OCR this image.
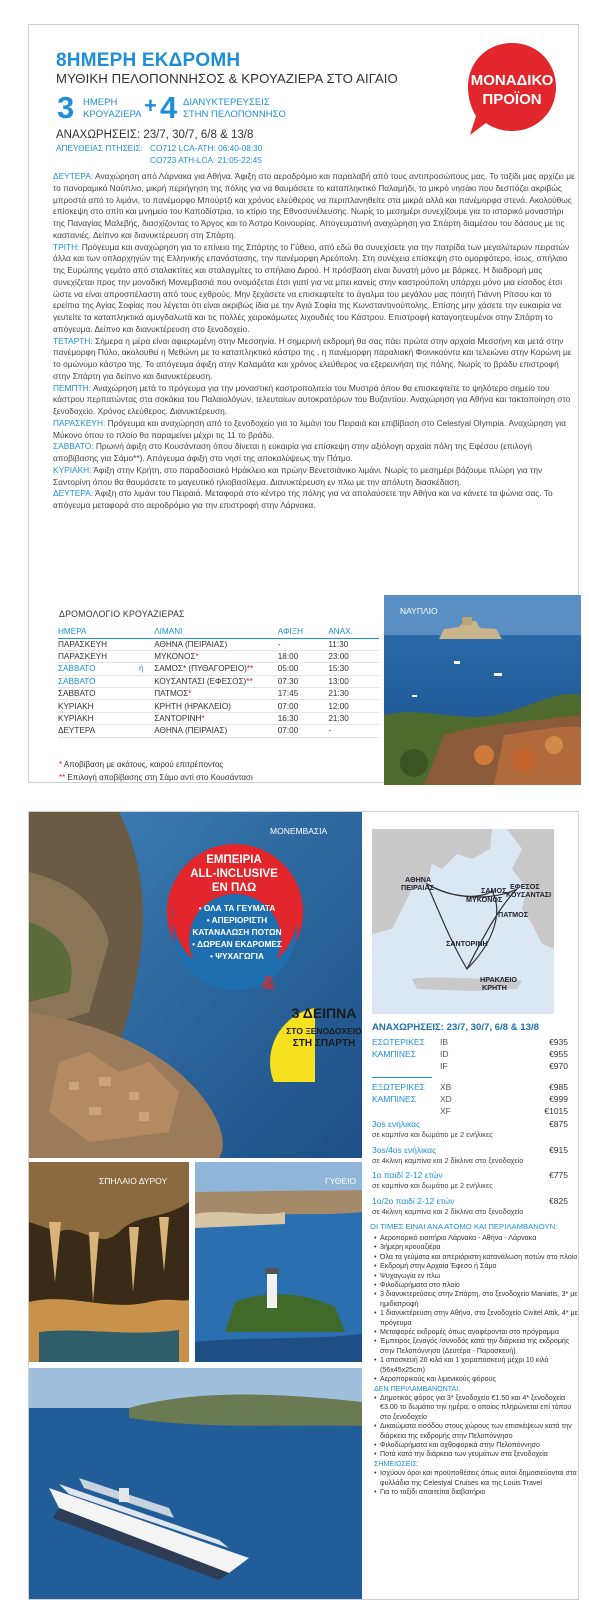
8ΗΜΕΡΗ ΕΚΔΡΟΜΗ
ΜΥΘΙΚΗ ΠΕΛΟΠΟΝΝΗΣΟΣ & ΚΡΟΥΑΖΙΕΡΑ ΣΤΟ ΑΙΓΑΙΟ
3 ΗΜΕΡΗ
ΚΡΟΥΑΖΙΕΡΑ + 4 ΔΙΑΝΥΚΤΕΡΕΥΣΕΙΣ
ΣΤΗΝ ΠΕΛΟΠΟΝΝΗΣΟ
ΑΝΑΧΩΡΗΣΕΙΣ: 23/7, 30/7, 6/8 & 13/8
ΑΠΕΥΘΕΙΑΣ ΠΤΗΣΕΙΣ: CO712 LCA-ATH: 06:40-08:30
CO723 ATH-LCA: 21:05-22:45
ΜΟΝΑΔΙΚΟ
ΠΡΟΪΟΝ

ΔΕΥΤΕΡΑ: Αναχώρηση από Λάρνακα για Αθήνα. Άφιξη στο αεροδρόμιο και παραλαβή από τους αντιπροσώπους μας. Το ταξίδι μας αρχίζει με το πανοραμικό Ναύπλιο, μικρή περιήγηση της πόλης για να θαυμάσετε το καταπληκτικό Παλαμήδι, το μικρό νησάκι που δεσπόζει ακριβώς μπροστά από το λιμάνι, το πανέμορφο Μπούρτζι και χρόνος ελεύθερος να περιπλανηθείτε στα μικρά αλλά και πανέμορφα στενά. Ακολούθως επίσκεψη στο σπίτι και μνημείο του Καποδίστρια, το κτίριο της Εθνοσυνέλευσης. Νωρίς το μεσημέρι συνεχίζουμε για το ιστορικό μοναστήρι της Παναγίας Μαλεβής, διασχίζοντας το Άργος και το Άστρο Κοινουρίας. Απογευματινή αναχώρηση για Σπάρτη διαμέσου του δάσους με τις καστανιές. Δείπνο και διανυκτέρευση στη Σπάρτη.

ΤΡΙΤΗ: Πρόγευμα και αναχώρηση για το επίνειο της Σπάρτης το Γύθειο, από εδώ θα συνεχίσετε για την πατρίδα των μεγαλύτερων πειρατών άλλα και των οπλαρχηγών της Ελληνικής επανάστασης, την πανέμορφη Αρεόπολη. Στη συνέχεια επίσκεψη στο ομορφότερο, ίσως, σπήλαιο της Ευρώπης γεμάτο από σταλακτίτες και σταλαγμίτες το σπήλαιο Διρού. Η πρόσβαση είναι δυνατή μόνο με βάρκες. Η διαδρομή μας συνεχίζεται προς την μοναδική Μονεμβασιά που ονομάζεται έτσι γιατί για να μπει κανείς στην καστρούπολη υπάρχει μόνο μια είσοδος έτσι ώστε να είναι απροσπέλαστη από τους εχθρούς. Μην ξεχάσετε να επισκεφτείτε το άγαλμα του μεγάλου μας ποιητή Γιάννη Ρίτσου και το ερείπια της Αγίας Σοφίας που λέγεται ότι είναι ακριβώς ίδια με την Αγιά Σοφία της Κωνσταντινούπολης. Επίσης μην χάσετε την ευκαιρία να γευτείτε τα καταπληκτικά αμυγδαλωτά και τις πολλές χειροκάμωτες λιχουδιές του Κάστρου. Επιστροφή καταγοητευμένοι στην Σπάρτη το απόγευμα. Δείπνο και διανυκτέρευση στο ξενοδοχείο.

ΤΕΤΑΡΤΗ: Σήμερα η μέρα είναι αφιερωμένη στην Μεσσηνία. Η σημερινή εκδρομή θα σας πάει πρώτα στην αρχαία Μεσσήνη και μετά στην πανέμορφη Πύλο, ακολουθεί η Μεθώνη με το καταπληκτικό κάστρο της , η πανέμορφη παραλιακή Φοινικούντα και τελειώνει στην Κορώνη με το ομώνυμο κάστρο της. Το απόγευμα άφιξη στην Καλαμάτα και χρόνος ελεύθερος να εξερευνήση της πόλης. Νωρίς το βράδυ επιστροφή στην Σπάρτη για δείπνο και διανυκτέρευση.

ΠΕΜΠΤΗ: Αναχώρηση μετά το πρόγευμα για την μοναστική καστροπολιτεία του Μυστρά όπου θα επισκεφτείτε το ψηλότερο σημείο του κάστρου περπατώντας στα σοκάκια του Παλαιολόγων, τελευταίων αυτοκρατόρων του Βυζαντίου. Αναχώρηση για Αθήνα και τακτοποίηση στο ξενοδοχείο. Χρόνος ελεύθερος. Διανυκτέρευση.

ΠΑΡΑΣΚΕΥΗ: Πρόγευμα και αναχώρηση από το ξενοδοχείο για το λιμάνι του Πειραιά και επιβίβαση στο Celestyal Olympia. Αναχώρηση για Μύκονο όπου το πλοίο θα παραμείνει μέχρι τις 11 το βράδυ.

ΣΑΒΒΑΤΟ: Πρωινή άφιξη στο Κουσάνταση όπου δίνεται η ευκαιρία για επίσκεψη στην αξιόλογη αρχαία πόλη της Εφέσου (επιλογή αποβίβασης για Σάμο**). Απόγευμα άφιξη στο νησί της αποκαλύψεως την Πάτμο.

ΚΥΡΙΑΚΗ: Άφιξη στην Κρήτη, στο παραδοσιακό Ηράκλειο και πρώην Βενετσιάνικο λιμάνι. Νωρίς το μεσημέρι βάζουμε πλώρη για την Σαντορίνη όπου θα θαυμάσετε το μαγευτικό ηλιοβασίλεμα. Διανυκτέρευση εν πλω με την απόλυτη διασκέδαση.

ΔΕΥΤΕΡΑ: Άφιξη στο λιμάνι του Πειραιά. Μεταφορά στο κέντρο της πόλης για να απολαύσετε την Αθήνα και να κάνετε τα ψώνια σας. Το απόγευμα μεταφορά στο αεροδρόμιο για την επιστροφή στην Λάρνακα.

ΔΡΟΜΟΛΟΓΙΟ ΚΡΟΥΑΖΙΕΡΑΣ
ΗΜΕΡΑ		ΛΙΜΑΝΙ	ΑΦΙΞΗ	ΑΝΑΧ.
ΠΑΡΑΣΚΕΥΗ		ΑΘΗΝΑ (ΠΕΙΡΑΙΑΣ)	-	11:30
ΠΑΡΑΣΚΕΥΗ		ΜΥΚΟΝΟΣ*	18:00	23:00
ΣΑΒΒΑΤΟ	ή	ΣΑΜΟΣ* (ΠΥΘΑΓΟΡΕΙΟ)**	05:00	15:30
ΣΑΒΒΑΤΟ		ΚΟΥΣΑΝΤΑΣΙ (ΕΦΕΣΟΣ)**	07:30	13:00
ΣΑΒΒΑΤΟ		ΠΑΤΜΟΣ*	17:45	21:30
ΚΥΡΙΑΚΗ		ΚΡΗΤΗ (ΗΡΑΚΛΕΙΟ)	07:00	12:00
ΚΥΡΙΑΚΗ		ΣΑΝΤΟΡΙΝΗ*	16:30	21:30
ΔΕΥΤΕΡΑ		ΑΘΗΝΑ (ΠΕΙΡΑΙΑΣ)	07:00	-
* Αποβίβαση με ακάτους, καιρού επιτρέποντος
** Επιλογή αποβίβασης στη Σάμο αντί στο Κουσάντασι
ΝΑΥΠΛΙΟ
ΜΟΝΕΜΒΑΣΙΑ
ΕΜΠΕΙΡΙΑ
ALL-INCLUSIVE
ΕΝ ΠΛΩ
• ΟΛΑ ΤΑ ΓΕΥΜΑΤΑ
• ΑΠΕΡΙΟΡΙΣΤΗ
ΚΑΤΑΝΑΛΩΣΗ ΠΟΤΩΝ
• ΔΩΡΕΑΝ ΕΚΔΡΟΜΕΣ
• ΨΥΧΑΓΩΓΙΑ
&
3 ΔΕΙΠΝΑ
ΣΤΟ ΞΕΝΟΔΟΧΕΙΟ
ΣΤΗ ΣΠΑΡΤΗ
ΣΠΗΛΑΙΟ ΔΥΡΟΥ	ΓΥΘΕΙΟ
ΑΘΗΝΑ
ΠΕΙΡΑΙΑΣ	ΣΑΜΟΣ ΕΦΕΣΟΣ
ΚΟΥΣΑΝΤΑΣΙ
ΜΥΚΟΝΟΣ
ΠΑΤΜΟΣ
ΣΑΝΤΟΡΙΝΗ
ΗΡΑΚΛΕΙΟ
ΚΡΗΤΗ
ΑΝΑΧΩΡΗΣΕΙΣ: 23/7, 30/7, 6/8 & 13/8
ΕΣΩΤΕΡΙΚΕΣ IB	€935
ΚΑΜΠΙΝΕΣ	ID	€955
IF	€970
ΕΞΩΤΕΡΙΚΕΣ XB	€985
ΚΑΜΠΙΝΕΣ	XD	€999
XF	€1015
3os ενήλικας	€875
σε καμπίνα και δωμάτιο με 2 ενήλικες
3os/4os ενήλικας	€915
σε 4κλινη καμπίνα και 2 δίκλινα στο ξενοδοχείο
1ο παιδί 2-12 ετών	€775
σε καμπίνα και δωμάτιο με 2 ενήλικες
1ο/2ο παιδί 2-12 ετών	€825
σε 4κλινη καμπίνα και 2 δίκλινα στο ξενοδοχείο
ΟΙ ΤΙΜΕΣ ΕΙΝΑΙ ΑΝΑ ΑΤΟΜΟ ΚΑΙ ΠΕΡΙΛΑΜΒΑΝΟΥΝ:
• Αεροπορικό εισιτήριο Λάρνακα - Αθήνα - Λάρνακα
• 3ήμερη κρουαζιέρα
• Όλα τα γεύματα και απεριόριστη κατανάλωση ποτών στο πλοίο
• Εκδρομή στην Αρχαία Έφεσο ή Σάμο
• Ψυχαγωγία εν πλω
• Φιλοδωρήματα στο πλοίο
• 3 διανυκτερεύσεις στην Σπάρτη, στο ξενοδοχείο Maniatis, 3* με ημιδιατροφή
• 1 διανυκτέρευση στην Αθήνα, στο ξενοδοχείο Civitel Attik, 4* με πρόγευμα
• Μεταφορές εκδρομές όπως αναφέρονται στο πρόγραμμα
• Έμπειρος ξεναγός /συνοδός κατά την διάρκεια της εκδρομής στην Πελοπόννησο (Δευτέρα - Παρασκευή)
• 1 αποσκευή 20 κιλά και 1 χειραποσκευή μέχρι 10 κιλά (56x45x25cm)
• Αεροπορικούς και λιμενικούς φόρους
ΔΕΝ ΠΕΡΙΛΑΜΒΑΝΟΝΤΑΙ:
• Δημοτικός φόρος για 3* ξενοδοχείο €1.50 και 4* ξενοδοχεία €3.00 το δωμάτιο την ημέρα, ο οποίος πληρώνεται επί τόπου στο ξενοδοχείο
• Δικαιώματα εισόδου στους χώρους των επισκέψεων κατά την διάρκεια της εκδρομής στην Πελοπόννησο
• Φιλοδωρήματα και αχθοφορικά στην Πελοπόννησο
• Ποτά κατά την διάρκεια των γευμάτων στα ξενοδοχεία
ΣΗΜΕΙΩΣΕΙΣ:
• Ισχύουν όροι και προϋποθέσεις όπως αυτοί δημοσιεύονται στα φυλλάδια της Celestyal Cruises και της Louis Travel
• Για το ταξίδι απαιτείται διαβατήριο
